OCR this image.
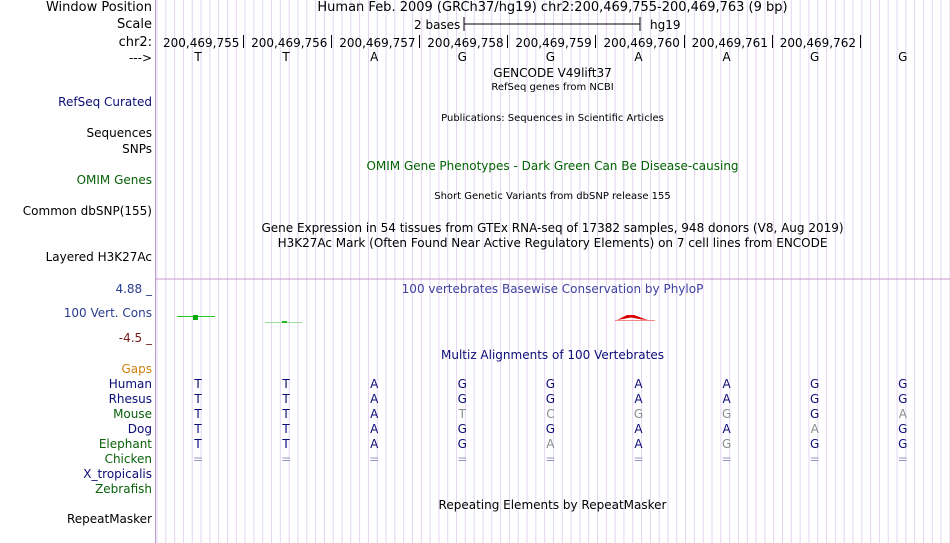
Window Position	Human Feb. 2009 (GRCh37/hg19) chr2:200,469,755-200,469,763 (9 bp)
Scale	2 bases	hg19
chr2: 200,469,755 200,469,756 200,469,757 200,469,758 200,469,759 200,469,760 200,469,761 200,469,762
--->	T	T	A	G	G	A	A	G	G
GENCODE V49lift37
RefSeq genes from NCBI
RefSeq Curated
Publications: Sequences in Scientific Articles
Sequences
SNPs
OMIM Gene Phenotypes - Dark Green Can Be Disease-causing
OMIM Genes
Short Genetic Variants from dbSNP release 155
Common dbSNP(155)
Gene Expression in 54 tissues from GTEx RNA-seq of 17382 samples, 948 donors (V8, Aug 2019)
H3K27Ac Mark (Often Found Near Active Regulatory Elements) on 7 cell lines from ENCODE
Layered H3K27Ac
100 vertebrates Basewise Conservation by PhyloP
4.88 _
100 Vert. Cons
-4.5 _
Multiz Alignments of 100 Vertebrates
Gaps
Human	T	T	A	G	G	A	A	G	G
Rhesus	T	T	A	G	G	A	A	G	G
Mouse	T	T	A	T	C	G	G	G	A
Dog	T	T	A	G	G	A	A	A	G
Elephant	T	T	A	G	A	A	G	G	G
Chicken	=	=	=	=	=	=	=	=	=
X_tropicalis
Zebrafish
Repeating Elements by RepeatMasker
RepeatMasker
